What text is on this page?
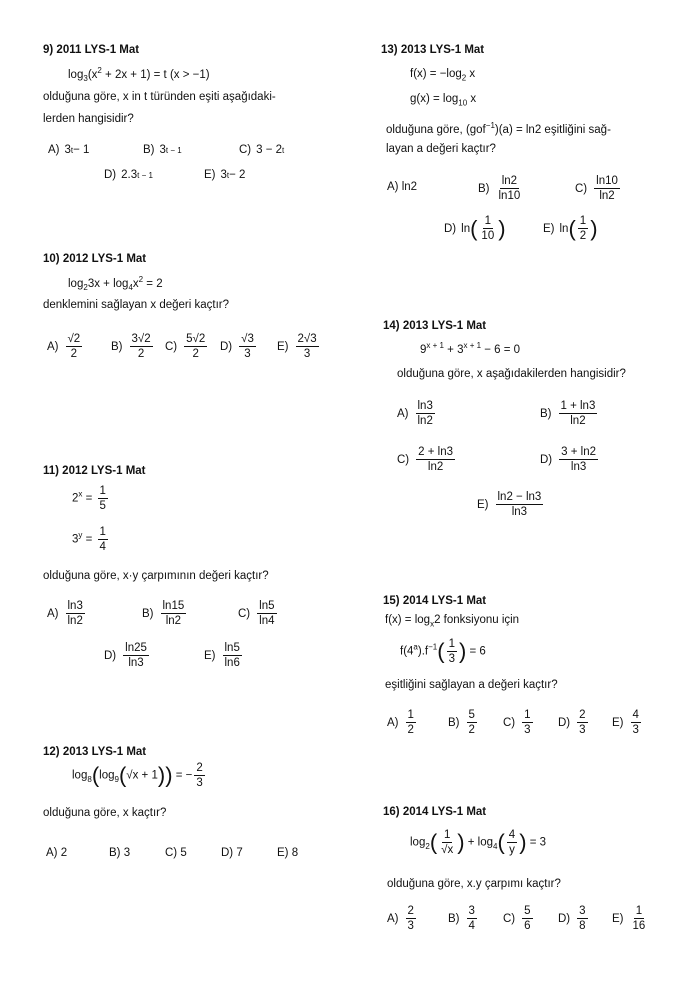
9) 2011 LYS-1 Mat
$\log_3(x^2 + 2x + 1) = t$ (x > −1)
olduğuna göre, x in t türünden eşiti aşağıdaki-
lerden hangisidir?
A) 3 t − 1	B) 3 t − 1	C) 3 − 2 t
D) 2.3 t − 1	E) 3 t − 2
10) 2012 LYS-1 Mat
$\log_23x + \log_4x^2 = 2$
denklemini sağlayan x değeri kaçtır?
A)
√2
2
B)
3√2
2
C)
5√2
2
D)
√3
3
E)
2√3
3
11) 2012 LYS-1 Mat
$2^x = \frac{1}{5}$
$3^y = \frac{1}{4}$
olduğuna göre, x·y çarpımının değeri kaçtır?
A)
ln3
ln2
B)
ln15
ln2
C)
ln5
ln4
D)
ln25
ln3
E)
ln5
ln6
12) 2013 LYS-1 Mat
$\log_8(\log_9(√x + 1))$ = − $\frac{2}{3}$
olduğuna göre, x kaçtır?
A) 2	B) 3	C) 5	D) 7	E) 8
13) 2013 LYS-1 Mat
$f(x) = -\log_2$ x
$g(x) = \log_{10} x$
olduğuna göre, (gof$^{-1}$)(a) = ln2 eşitliğini sağ-
layan a değeri kaçtır?
A) ln2	B)
ln2
ln10
C)
ln10
ln2
D) ln ( 1
10 )	E) ln ( 1
2 )
14) 2013 LYS-1 Mat
$9^{x + 1} + 3^{x + 1} - 6 = 0$
olduğuna göre, x aşağıdakilerden hangisidir?
A)
ln3
ln2
B)
1 + ln3
ln2
C)
2 + ln3
ln2
D)
3 + ln2
ln3
E)
ln2 − ln3
ln3
15) 2014 LYS-1 Mat
$f(x) = \log_x2$ fonksiyonu için
$f(4^a).f^{-1}( \frac{1}{3}$ ) = 6
eşitliğini sağlayan a değeri kaçtır?
A)
1
2
B)
5
2
C)
1
3
D)
2
3
E)
4
3
16) 2014 LYS-1 Mat
$\log_2( \frac{1}{√x}$ ) + $\log_4( \frac{4}{y}$ ) = 3
olduğuna göre, x.y çarpımı kaçtır?
A)
2
3
B)
3
4
C)
5
6
D)
3
8
E)
1
16
